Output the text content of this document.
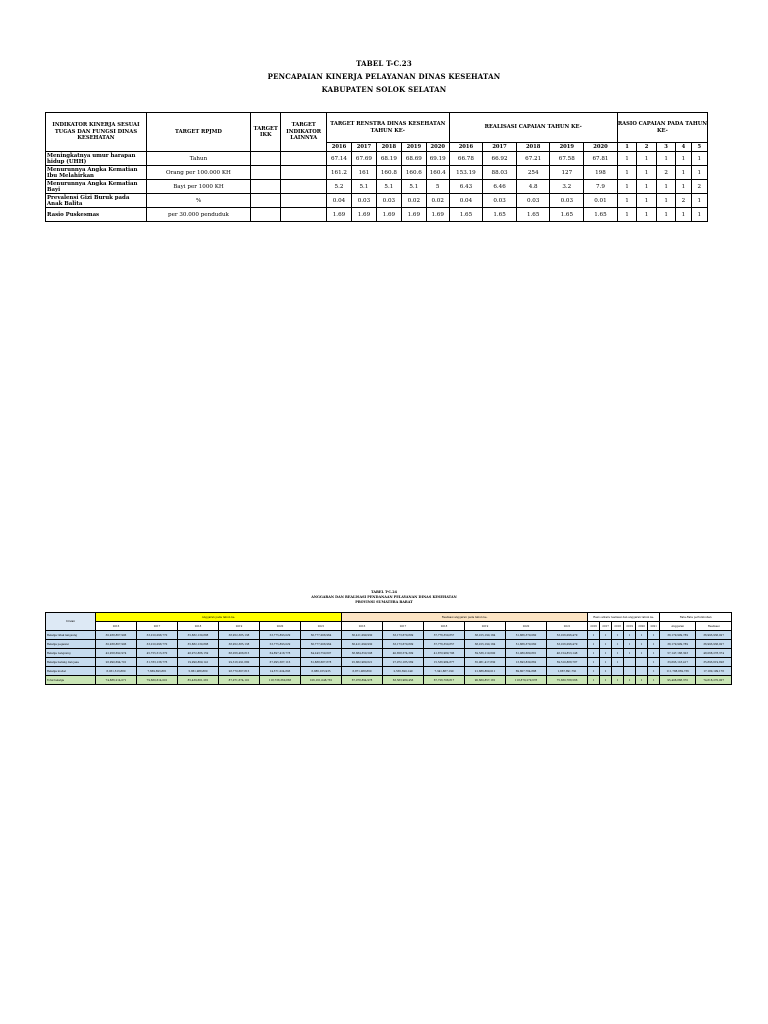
TABEL T-C.23
PENCAPAIAN KINERJA PELAYANAN DINAS KESEHATAN
KABUPATEN SOLOK SELATAN
INDIKATOR KINERJA SESUAI TUGAS DAN FUNGSI DINAS KESEHATAN	TARGET RPJMD	TARGET IKK	TARGET INDIKATOR LAINNYA	TARGET RENSTRA DINAS KESEHATAN TAHUN KE-					REALISASI CAPAIAN TAHUN KE-					RASIO CAPAIAN PADA TAHUN KE-				
				2016	2017	2018	2019	2020	2016	2017	2018	2019	2020	1	2	3	4	5
Meningkatnya umur harapan hidup (UHH)	Tahun			67.14	67.69	68.19	68.69	69.19	66.78	66.92	67.21	67.58	67.81	1	1	1	1	1
Menurunnya Angka Kematian Ibu Melahirkan	Orang per 100.000 KH			161.2	161	160.8	160.6	160.4	153.19	88.03	254	127	198	1	1	2	1	1
Menurunnya Angka Kematian Bayi	Bayi per 1000 KH			5.2	5.1	5.1	5.1	5	6.43	6.46	4.8	3.2	7.9	1	1	1	1	2
Prevalensi Gizi Buruk pada Anak Balita	%			0.04	0.03	0.03	0.02	0.02	0.04	0.03	0.03	0.03	0.01	1	1	1	2	1
Rasio Puskesmas	per 30.000 penduduk			1.69	1.69	1.69	1.69	1.69	1.65	1.65	1.65	1.65	1.65	1	1	1	1	1
TABEL T-C.24
ANGGARAN DAN REALISASI PENDANAAN PELAYANAN DINAS KESEHATAN
PROVINSI SUMATERA BARAT
Uraian	Anggaran pada tahun ke-						Realisasi anggaran pada tahun ke-						Rasio antara realisasi dan anggaran tahun ke-						Rata-Rata pertumbuhan	
	2016	2017	2018	2019	2020	2021	2016	2017	2018	2019	2020	2021	2016	2017	2018	2019	2020	2021	Anggaran	Realisasi
Belanja tidak langsung	30,938,867,906	33,010,098,770	35,882,130,888	38,952,385,138	53,775,893,029	56,777,008,964	36,411,099,930	33,173,670,809	37,776,350,857	38,015,190,184	51,866,379,060	53,016,096,479	1	1	1	1	1	1	38,179,909,789	36,993,936,927
Belanja pegawai	30,938,867,906	33,010,098,770	35,882,130,888	38,952,385,138	53,775,893,029	56,777,008,964	36,411,099,930	33,173,670,809	37,776,350,857	38,015,190,184	51,866,379,060	53,016,096,479	1	1	1	1	1	1	38,179,909,789	36,993,936,927
Belanja Langsung	42,958,692,974	45,755,513,370	46,972,886,159	68,056,468,815	64,897,418,778	64,243,759,607	38,884,350,508	40,858,574,309	41,870,989,796	59,536,119,600	61,080,689,881	46,154,853,148	1	1	1	1	1	1	57,147,188,303	48,068,278,374
Belanja barang dan jasa	26,990,694,701	31,783,138,776	19,990,869,141	29,316,291,680	67,095,587,116	61,888,687,878	25,862,989,621	27,972,185,569	15,536,984,877	35,961,417,830	13,693,839,862	59,510,888,787	1	1	1			1	33,695,118,417	35,893,619,828
Belanja modal	6,951,513,880	7,669,693,881	5,861,988,880	28,770,667,815	14,571,024,893	6,886,165,935	6,871,088,860	2,556,390,149	7,341,887,190	21,886,869,011	69,807,764,888	1,867,891,791	1	1				1	111,788,839,736	17,180,199,176
Total belanja	74,886,214,071	79,660,614,001	85,439,661,281	87,071,674,101	118,738,360,883	106,161,048,781	67,078,894,978	63,563,980,456	67,726,708,817	90,660,857,181	118,879,279,678	75,830,788,566	1	1	1	1	1	1	95,408,888,370	74,618,270,007
